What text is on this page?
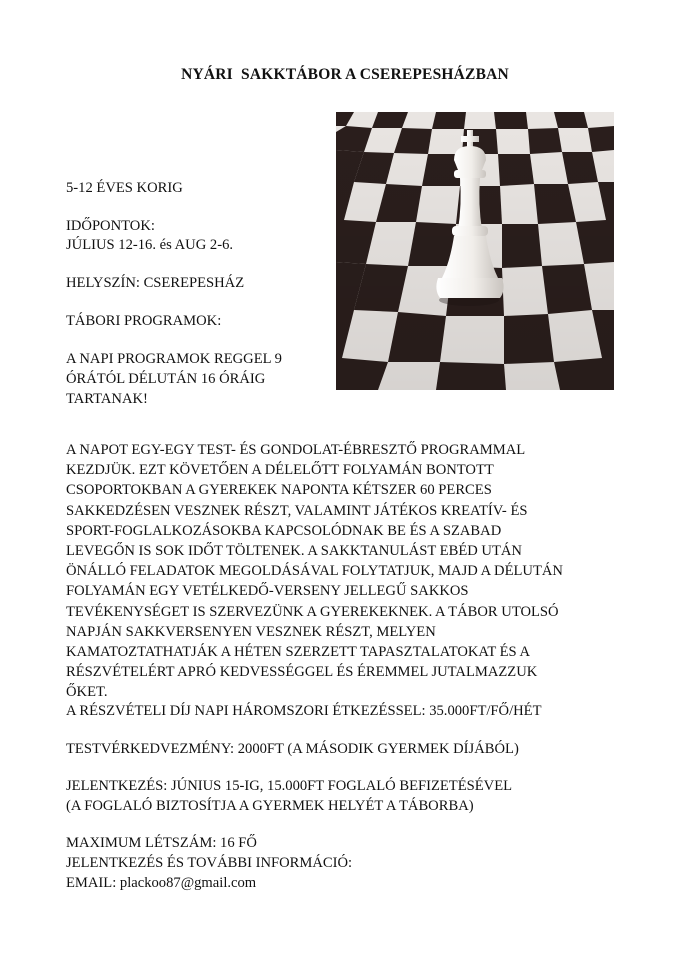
NYÁRI  SAKKTÁBOR A CSEREPESHÁZBAN
5-12 ÉVES KORIG
IDŐPONTOK:
JÚLIUS 12-16. és AUG 2-6.
HELYSZÍN: CSEREPESHÁZ
TÁBORI PROGRAMOK:
A NAPI PROGRAMOK REGGEL 9
ÓRÁTÓL DÉLUTÁN 16 ÓRÁIG
TARTANAK!
A NAPOT EGY-EGY TEST- ÉS GONDOLAT-ÉBRESZTŐ PROGRAMMAL
KEZDJÜK. EZT KÖVETŐEN A DÉLELŐTT FOLYAMÁN BONTOTT
CSOPORTOKBAN A GYEREKEK NAPONTA KÉTSZER 60 PERCES
SAKKEDZÉSEN VESZNEK RÉSZT, VALAMINT JÁTÉKOS KREATÍV- ÉS
SPORT-FOGLALKOZÁSOKBA KAPCSOLÓDNAK BE ÉS A SZABAD
LEVEGŐN IS SOK IDŐT TÖLTENEK. A SAKKTANULÁST EBÉD UTÁN
ÖNÁLLÓ FELADATOK MEGOLDÁSÁVAL FOLYTATJUK, MAJD A DÉLUTÁN
FOLYAMÁN EGY VETÉLKEDŐ-VERSENY JELLEGŰ SAKKOS
TEVÉKENYSÉGET IS SZERVEZÜNK A GYEREKEKNEK. A TÁBOR UTOLSÓ
NAPJÁN SAKKVERSENYEN VESZNEK RÉSZT, MELYEN
KAMATOZTATHATJÁK A HÉTEN SZERZETT TAPASZTALATOKAT ÉS A
RÉSZVÉTELÉRT APRÓ KEDVESSÉGGEL ÉS ÉREMMEL JUTALMAZZUK
ŐKET.
A RÉSZVÉTELI DÍJ NAPI HÁROMSZORI ÉTKEZÉSSEL: 35.000FT/FŐ/HÉT
TESTVÉRKEDVEZMÉNY: 2000FT (A MÁSODIK GYERMEK DÍJÁBÓL)
JELENTKEZÉS: JÚNIUS 15-IG, 15.000FT FOGLALÓ BEFIZETÉSÉVEL
(A FOGLALÓ BIZTOSÍTJA A GYERMEK HELYÉT A TÁBORBA)
MAXIMUM LÉTSZÁM: 16 FŐ
JELENTKEZÉS ÉS TOVÁBBI INFORMÁCIÓ:
EMAIL: plackoo87@gmail.com
